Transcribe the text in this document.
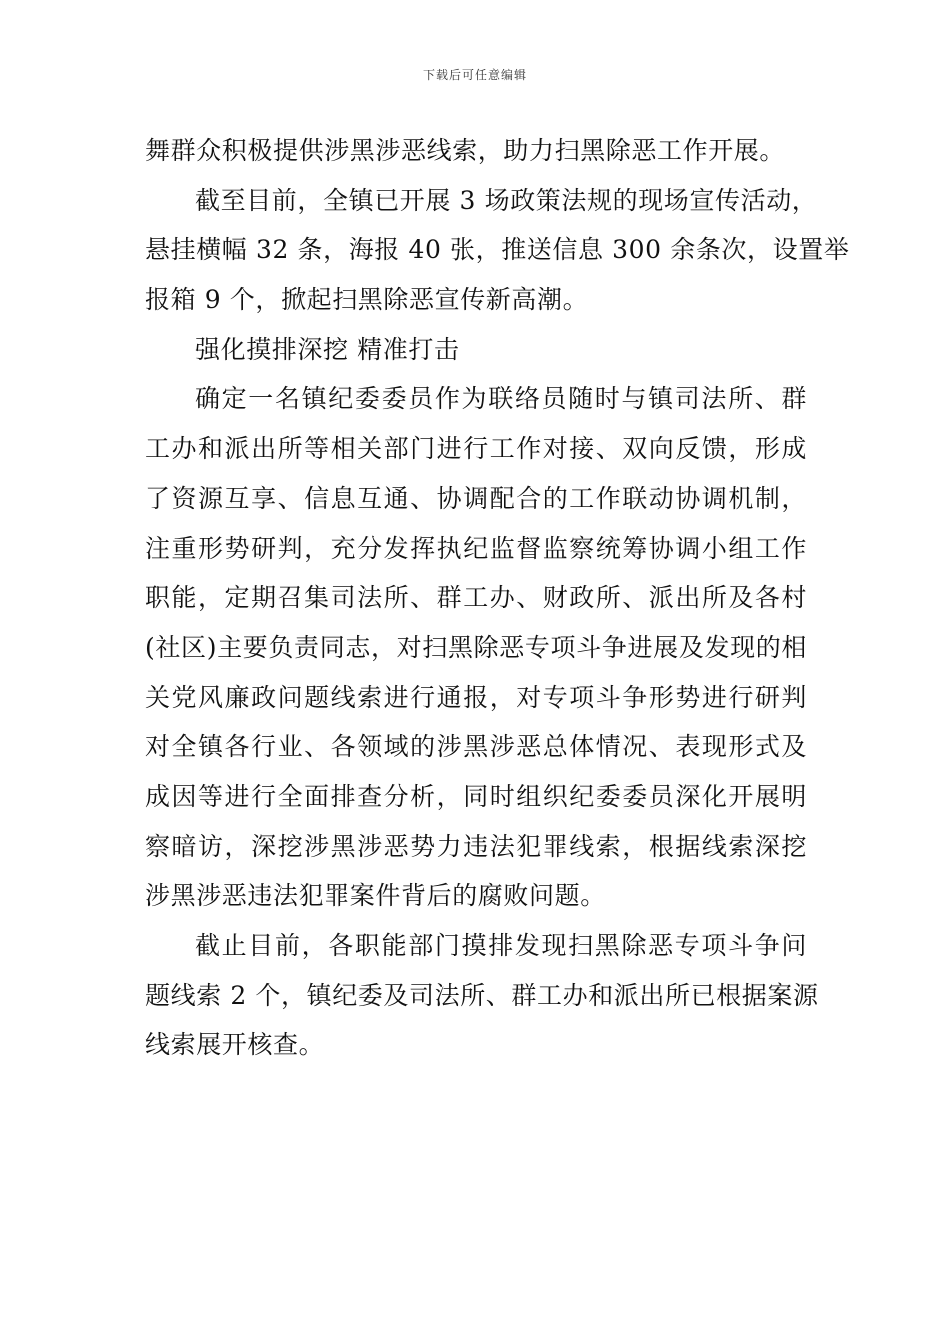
下载后可任意编辑
舞群众积极提供涉黑涉恶线索，助力扫黑除恶工作开展。
截至目前，全镇已开展 3 场政策法规的现场宣传活动，
悬挂横幅 32 条，海报 40 张，推送信息 300 余条次，设置举
报箱 9 个，掀起扫黑除恶宣传新高潮。
强化摸排深挖 精准打击
确定一名镇纪委委员作为联络员随时与镇司法所、群
工办和派出所等相关部门进行工作对接、双向反馈，形成
了资源互享、信息互通、协调配合的工作联动协调机制，
注重形势研判，充分发挥执纪监督监察统筹协调小组工作
职能，定期召集司法所、群工办、财政所、派出所及各村
(社区)主要负责同志，对扫黑除恶专项斗争进展及发现的相
关党风廉政问题线索进行通报，对专项斗争形势进行研判
对全镇各行业、各领域的涉黑涉恶总体情况、表现形式及
成因等进行全面排查分析，同时组织纪委委员深化开展明
察暗访，深挖涉黑涉恶势力违法犯罪线索，根据线索深挖
涉黑涉恶违法犯罪案件背后的腐败问题。
截止目前，各职能部门摸排发现扫黑除恶专项斗争问
题线索 2 个，镇纪委及司法所、群工办和派出所已根据案源
线索展开核查。
